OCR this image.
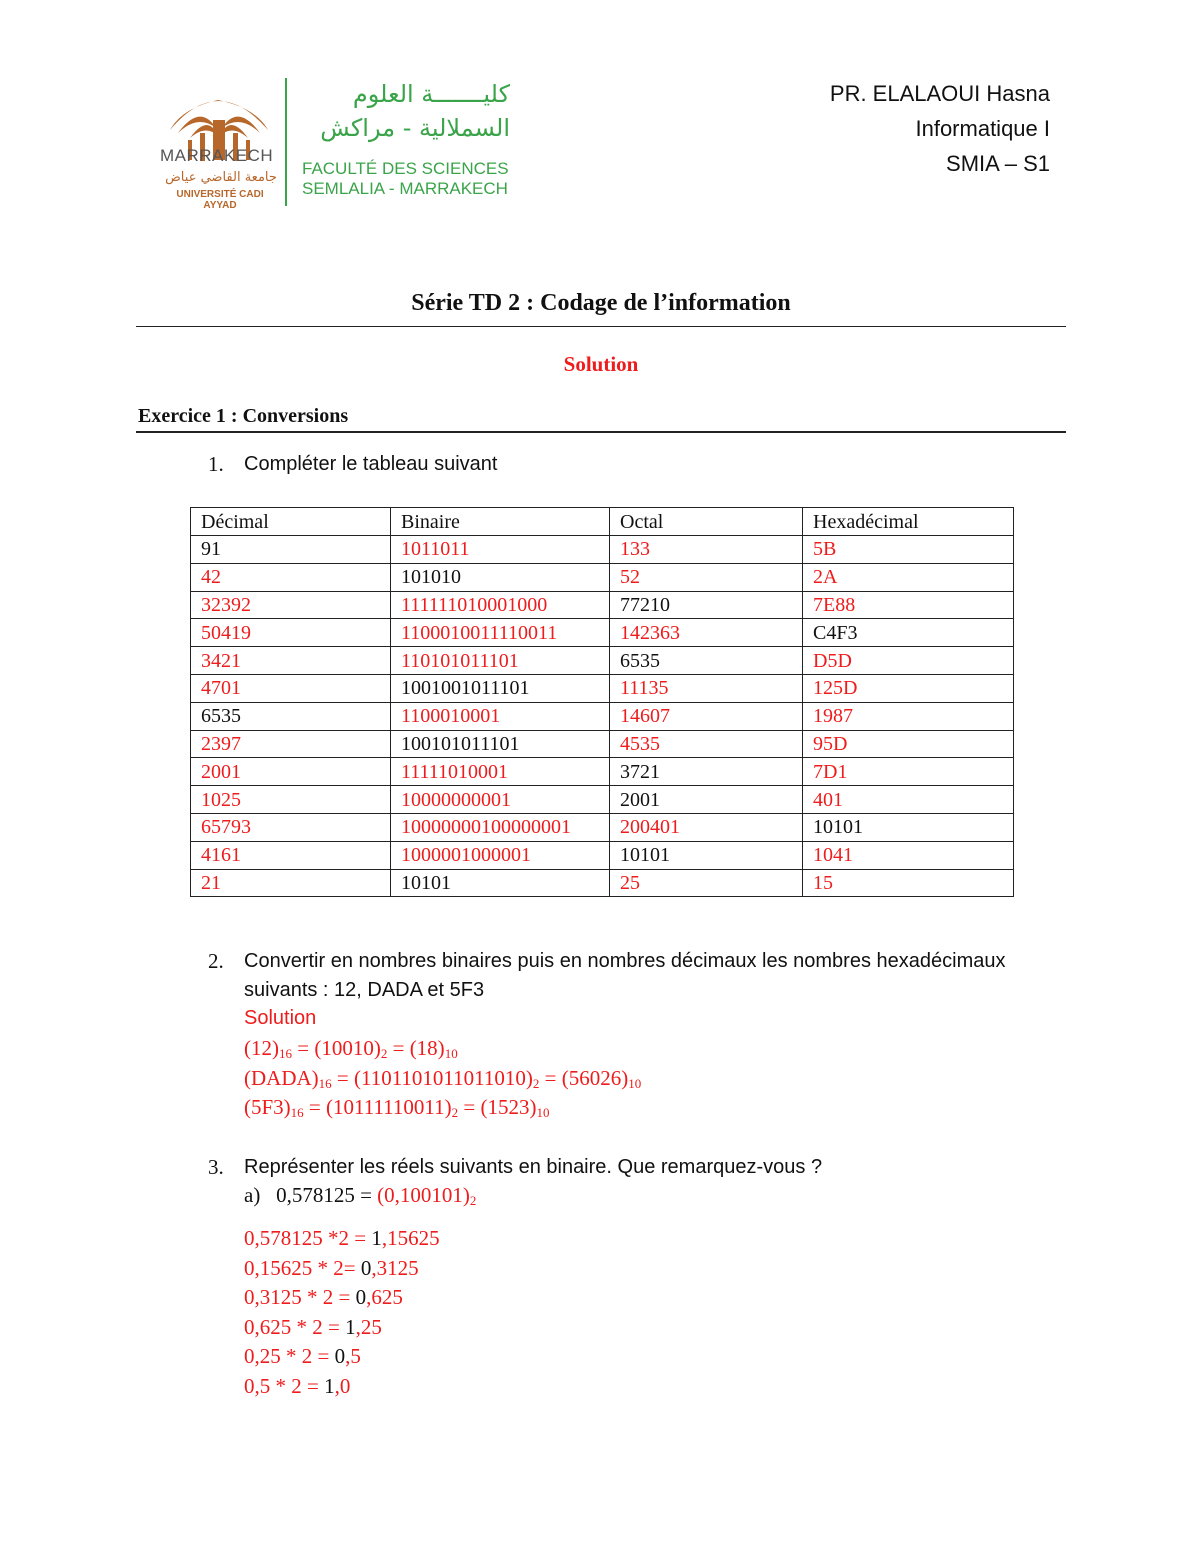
MARRAKECH
جامعة القاضي عياض
UNIVERSITÉ CADI AYYAD
كليـــــــة العلوم
السملالية - مراكش
FACULTÉ DES SCIENCES
SEMLALIA - MARRAKECH
PR. ELALAOUI Hasna
Informatique I
SMIA – S1
Série TD 2 : Codage de l’information
Solution
Exercice 1 : Conversions
1. Compléter le tableau suivant
Décimal	Binaire	Octal	Hexadécimal
91	1011011	133	5B
42	101010	52	2A
32392	111111010001000	77210	7E88
50419	1100010011110011	142363	C4F3
3421	110101011101	6535	D5D
4701	1001001011101	11135	125D
6535	1100010001	14607	1987
2397	100101011101	4535	95D
2001	11111010001	3721	7D1
1025	10000000001	2001	401
65793	10000000100000001	200401	10101
4161	1000001000001	10101	1041
21	10101	25	15
2. Convertir en nombres binaires puis en nombres décimaux les nombres hexadécimaux
suivants : 12, DADA et 5F3
Solution
$(12)_{16} = (10010)_2 = (18)_{10}$
$(DADA)_{16} = (1101101011011010)_2 = (56026)_{10}$
$(5F3)_{16} = (10111110011)_2 = (1523)_{10}$
3. Représenter les réels suivants en binaire. Que remarquez-vous ?
a) $0,578125 = (0,100101)_2$
0,578125 *2 = 1,15625
0,15625 * 2= 0,3125
0,3125 * 2 = 0,625
0,625 * 2 = 1,25
0,25 * 2 = 0,5
0,5 * 2 = 1,0
